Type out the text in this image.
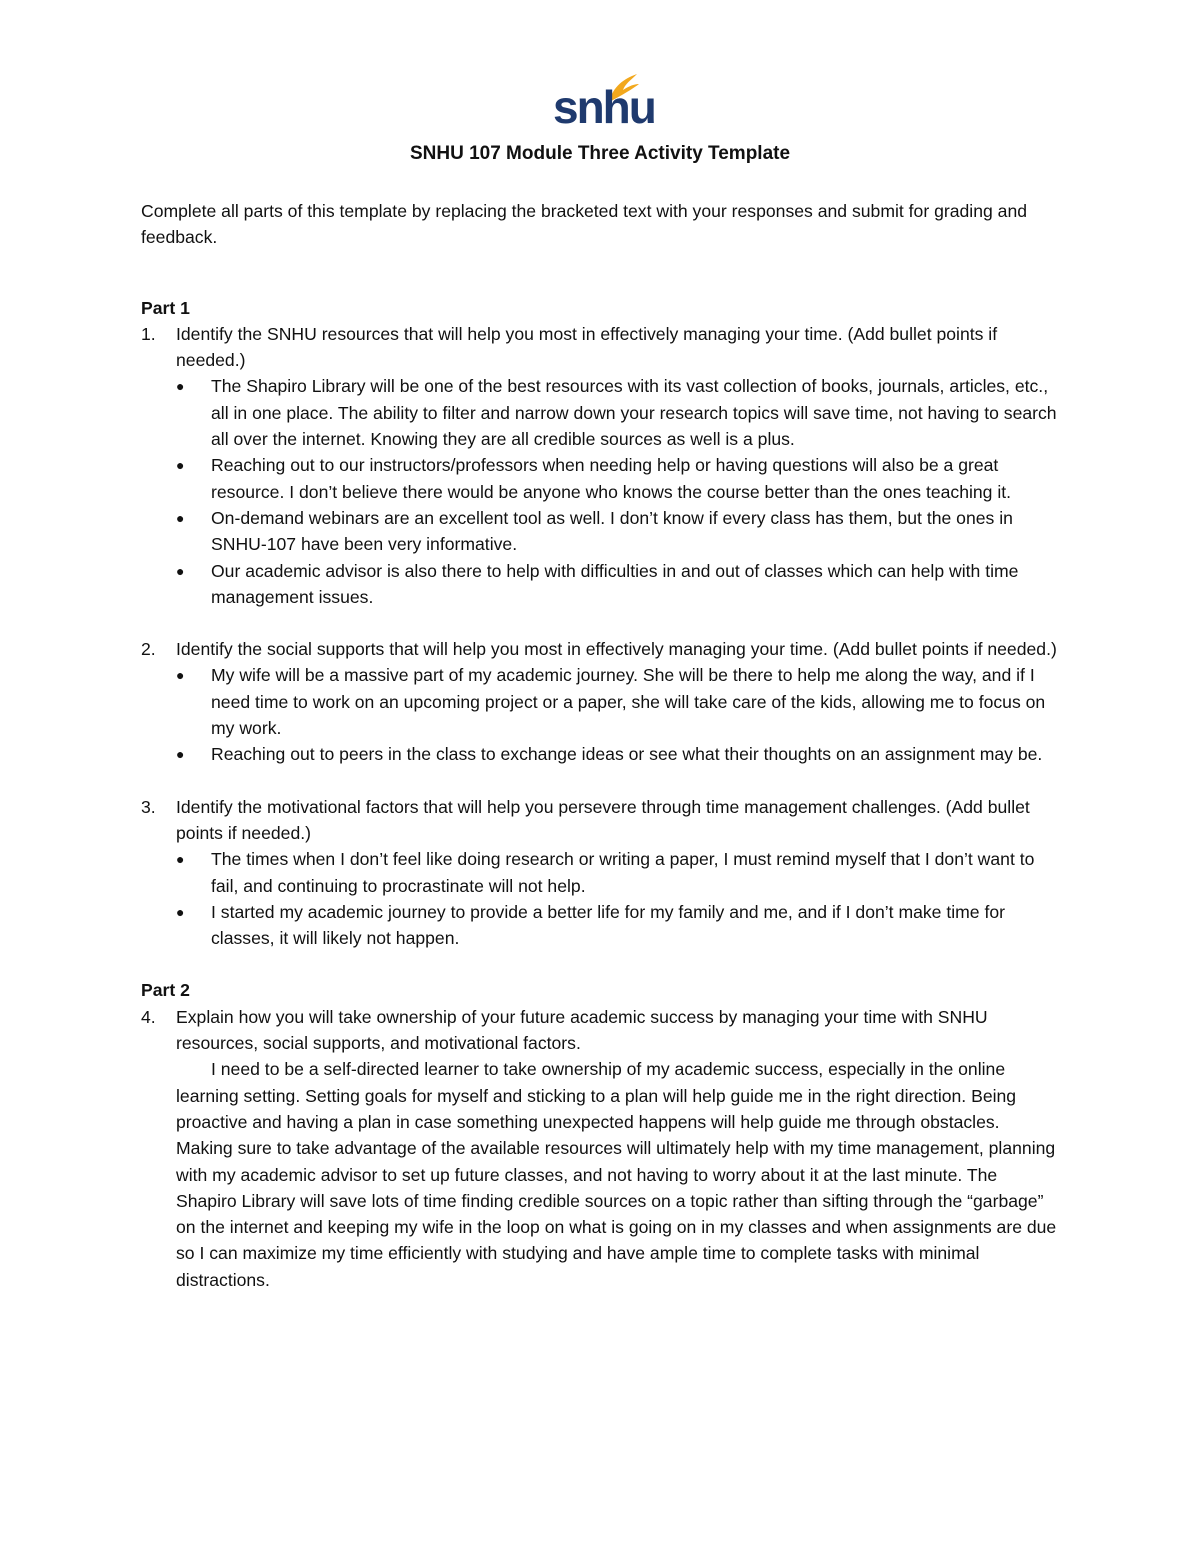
snhu
SNHU 107 Module Three Activity Template

Complete all parts of this template by replacing the bracketed text with your responses and submit for grading and feedback.

Part 1

1. Identify the SNHU resources that will help you most in effectively managing your time. (Add bullet points if needed.)

● The Shapiro Library will be one of the best resources with its vast collection of books, journals, articles, etc., all in one place. The ability to filter and narrow down your research topics will save time, not having to search all over the internet. Knowing they are all credible sources as well is a plus.
● Reaching out to our instructors/professors when needing help or having questions will also be a great resource. I don’t believe there would be anyone who knows the course better than the ones teaching it.
● On-demand webinars are an excellent tool as well. I don’t know if every class has them, but the ones in SNHU-107 have been very informative.
● Our academic advisor is also there to help with difficulties in and out of classes which can help with time management issues.
2. Identify the social supports that will help you most in effectively managing your time. (Add bullet points if needed.)

● My wife will be a massive part of my academic journey. She will be there to help me along the way, and if I need time to work on an upcoming project or a paper, she will take care of the kids, allowing me to focus on my work.
● Reaching out to peers in the class to exchange ideas or see what their thoughts on an assignment may be.
3. Identify the motivational factors that will help you persevere through time management challenges. (Add bullet points if needed.)

● The times when I don’t feel like doing research or writing a paper, I must remind myself that I don’t want to fail, and continuing to procrastinate will not help.
● I started my academic journey to provide a better life for my family and me, and if I don’t make time for classes, it will likely not happen.

Part 2

4. Explain how you will take ownership of your future academic success by managing your time with SNHU resources, social supports, and motivational factors.

I need to be a self-directed learner to take ownership of my academic success, especially in the online learning setting. Setting goals for myself and sticking to a plan will help guide me in the right direction. Being proactive and having a plan in case something unexpected happens will help guide me through obstacles. Making sure to take advantage of the available resources will ultimately help with my time management, planning with my academic advisor to set up future classes, and not having to worry about it at the last minute. The Shapiro Library will save lots of time finding credible sources on a topic rather than sifting through the “garbage” on the internet and keeping my wife in the loop on what is going on in my classes and when assignments are due so I can maximize my time efficiently with studying and have ample time to complete tasks with minimal distractions.
